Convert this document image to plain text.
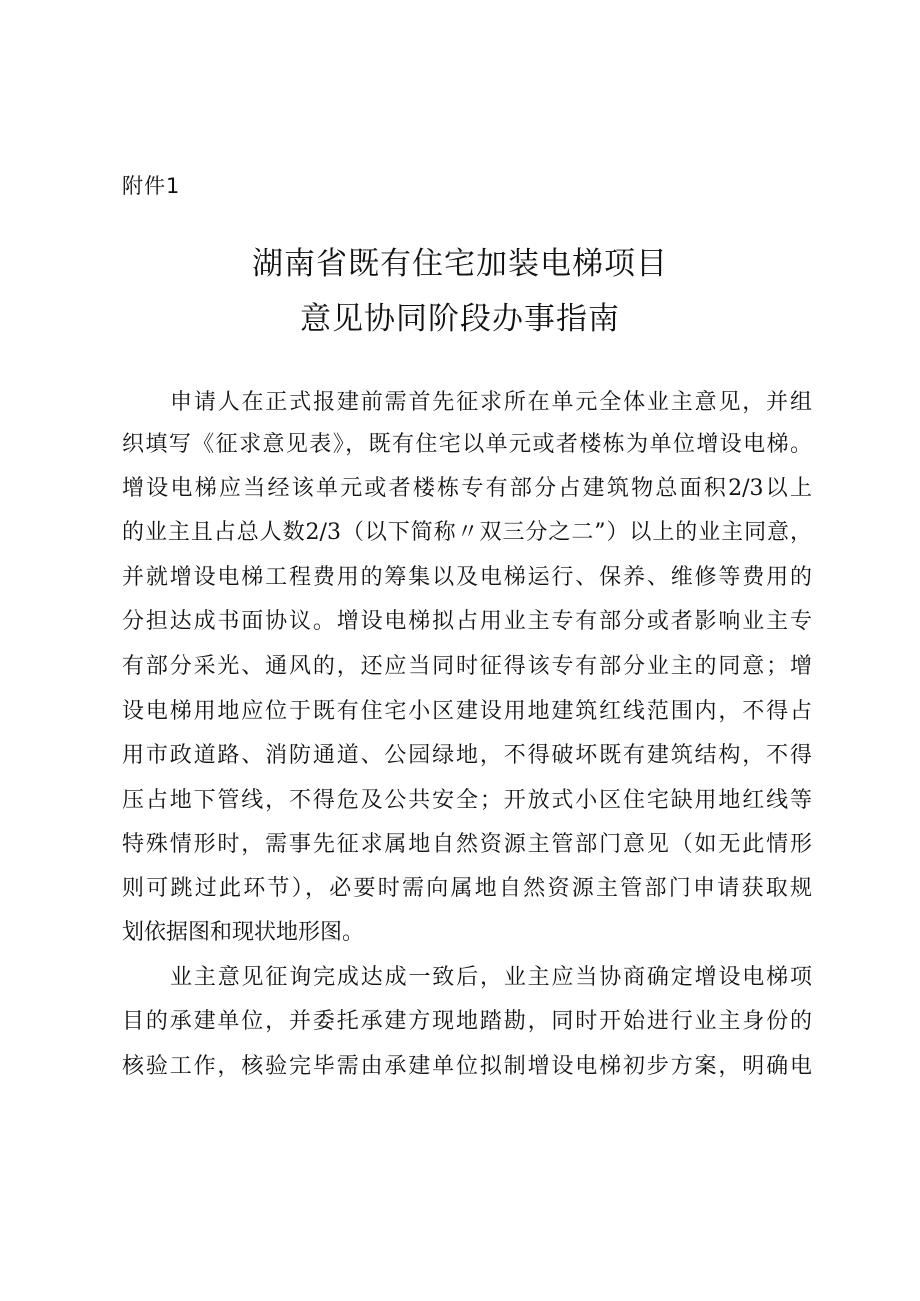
附件1
湖南省既有住宅加装电梯项目
意见协同阶段办事指南
申请人在正式报建前需首先征求所在单元全体业主意见，并组
织填写《征求意见表》，既有住宅以单元或者楼栋为单位增设电梯。
增设电梯应当经该单元或者楼栋专有部分占建筑物总面积2/3以上
的业主且占总人数2/3（以下简称〃双三分之二”）以上的业主同意，
并就增设电梯工程费用的筹集以及电梯运行、保养、维修等费用的
分担达成书面协议。增设电梯拟占用业主专有部分或者影响业主专
有部分采光、通风的，还应当同时征得该专有部分业主的同意；增
设电梯用地应位于既有住宅小区建设用地建筑红线范围内，不得占
用市政道路、消防通道、公园绿地，不得破坏既有建筑结构，不得
压占地下管线，不得危及公共安全；开放式小区住宅缺用地红线等
特殊情形时，需事先征求属地自然资源主管部门意见（如无此情形
则可跳过此环节），必要时需向属地自然资源主管部门申请获取规
划依据图和现状地形图。
业主意见征询完成达成一致后，业主应当协商确定增设电梯项
目的承建单位，并委托承建方现地踏勘，同时开始进行业主身份的
核验工作，核验完毕需由承建单位拟制增设电梯初步方案，明确电
